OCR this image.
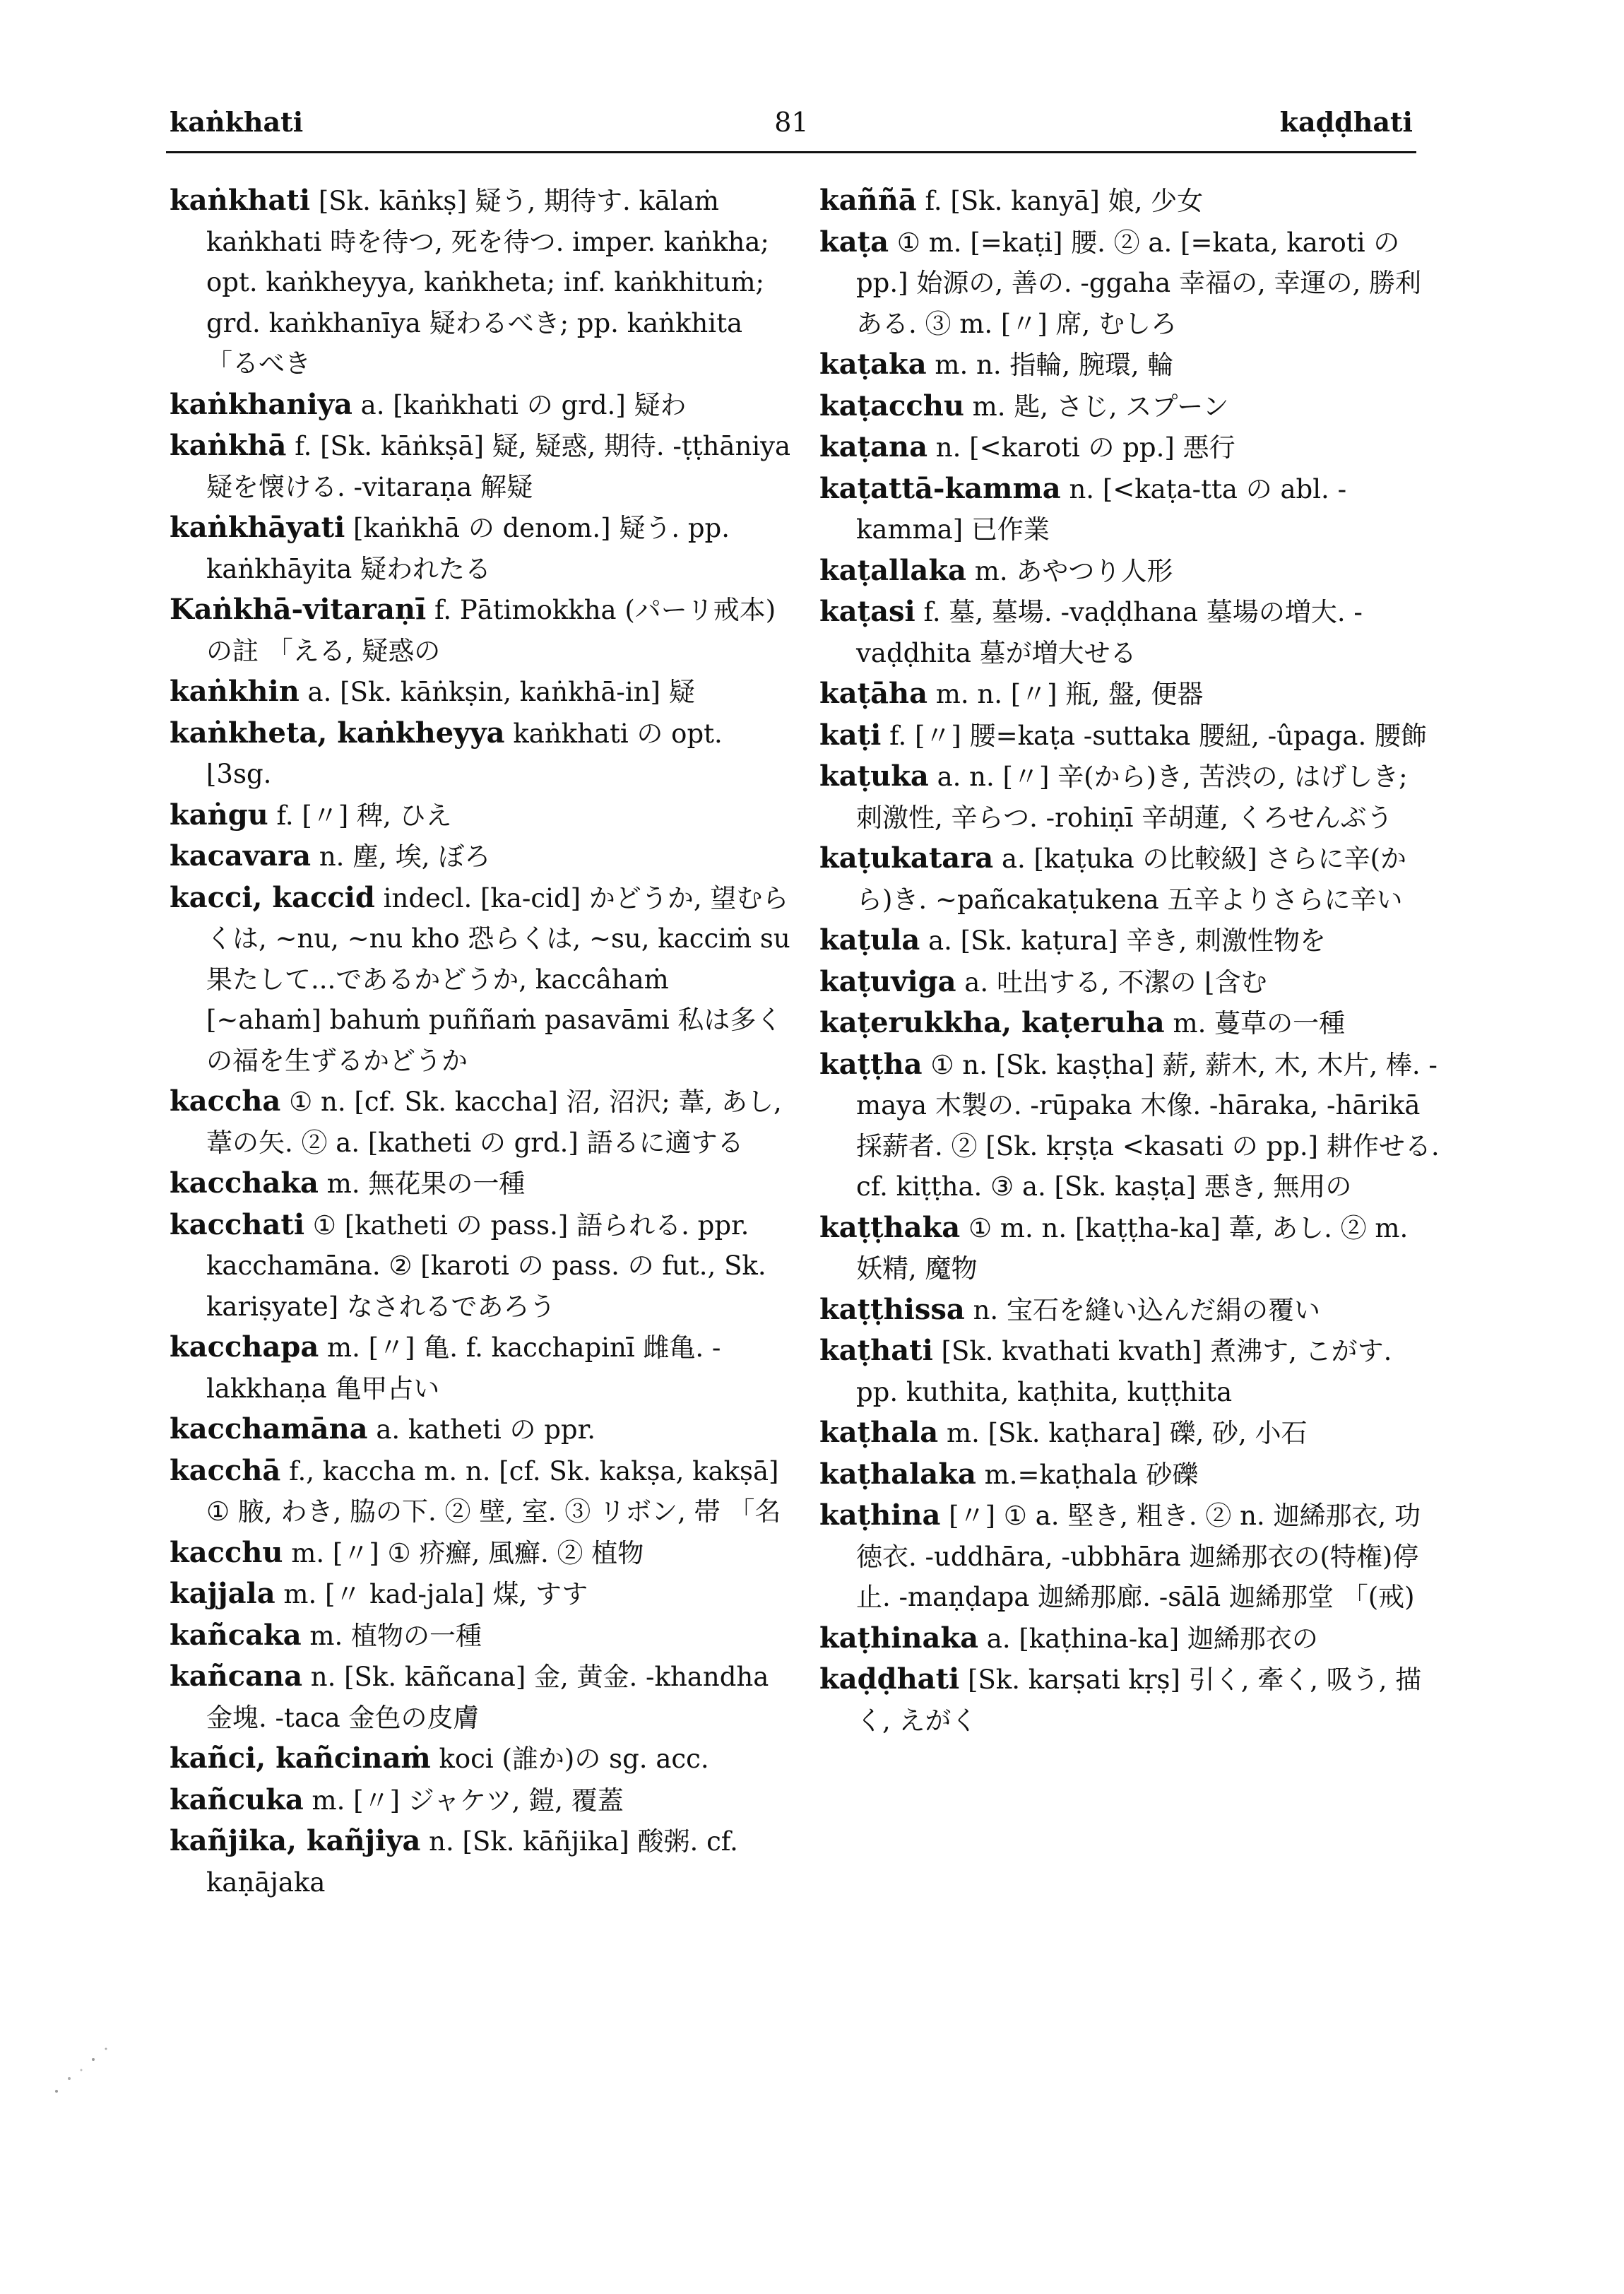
kaṅkhati	81	kaḍḍhati

kaṅkhati [Sk. kāṅkṣ] 疑う, 期待す. kālaṁ kaṅkhati 時を待つ, 死を待つ. imper. kaṅkha; opt. kaṅkheyya, kaṅkheta; inf. kaṅkhituṁ; grd. kaṅkhanīya 疑わるべき; pp. kaṅkhita 「るべき

kaṅkhaniya a. [kaṅkhati の grd.] 疑わ

kaṅkhā f. [Sk. kāṅkṣā] 疑, 疑惑, 期待. -ṭṭhāniya 疑を懐ける. -vitaraṇa 解疑

kaṅkhāyati [kaṅkhā の denom.] 疑う. pp. kaṅkhāyita 疑われたる

Kaṅkhā-vitaraṇī f. Pātimokkha (パーリ戒本)の註 「える, 疑惑の

kaṅkhin a. [Sk. kāṅkṣin, kaṅkhā-in] 疑

kaṅkheta, kaṅkheyya kaṅkhati の opt. ⌊3sg.

kaṅgu f. [〃] 稗, ひえ

kacavara n. 塵, 埃, ぼろ

kacci, kaccid indecl. [ka-cid] かどうか, 望むらくは, ~nu, ~nu kho 恐らくは, ~su, kacciṁ su 果たして...であるかどうか, kaccâhaṁ [~ahaṁ] bahuṁ puññaṁ pasavāmi 私は多くの福を生ずるかどうか

kaccha ① n. [cf. Sk. kaccha] 沼, 沼沢; 葦, あし, 葦の矢. ② a. [katheti の grd.] 語るに適する

kacchaka m. 無花果の一種

kacchati ① [katheti の pass.] 語られる. ppr. kacchamāna. ② [karoti の pass. の fut., Sk. kariṣyate] なされるであろう

kacchapa m. [〃] 亀. f. kacchapinī 雌亀. -lakkhaṇa 亀甲占い

kacchamāna a. katheti の ppr.

kacchā f., kaccha m. n. [cf. Sk. kakṣa, kakṣā] ① 腋, わき, 脇の下. ② 壁, 室. ③ リボン, 帯 「名

kacchu m. [〃] ① 疥癬, 風癬. ② 植物

kajjala m. [〃 kad-jala] 煤, すす

kañcaka m. 植物の一種

kañcana n. [Sk. kāñcana] 金, 黄金. -khandha 金塊. -taca 金色の皮膚

kañci, kañcinaṁ koci (誰か)の sg. acc.

kañcuka m. [〃] ジャケツ, 鎧, 覆蓋

kañjika, kañjiya n. [Sk. kāñjika] 酸粥. cf. kaṇājaka

kaññā f. [Sk. kanyā] 娘, 少女

kaṭa ① m. [=kaṭi] 腰. ② a. [=kata, karoti の pp.] 始源の, 善の. -ggaha 幸福の, 幸運の, 勝利ある. ③ m. [〃] 席, むしろ

kaṭaka m. n. 指輪, 腕環, 輪

kaṭacchu m. 匙, さじ, スプーン

kaṭana n. [<karoti の pp.] 悪行

kaṭattā-kamma n. [<kaṭa-tta の abl. -kamma] 已作業

kaṭallaka m. あやつり人形

kaṭasi f. 墓, 墓場. -vaḍḍhana 墓場の増大. -vaḍḍhita 墓が増大せる

kaṭāha m. n. [〃] 瓶, 盤, 便器

kaṭi f. [〃] 腰=kaṭa -suttaka 腰紐, -ûpaga. 腰飾

kaṭuka a. n. [〃] 辛(から)き, 苦渋の, はげしき; 刺激性, 辛らつ. -rohiṇī 辛胡蓮, くろせんぶう

kaṭukatara a. [kaṭuka の比較級] さらに辛(から)き. ~pañcakaṭukena 五辛よりさらに辛い

kaṭula a. [Sk. kaṭura] 辛き, 刺激性物を

kaṭuviga a. 吐出する, 不潔の ⌊含む

kaṭerukkha, kaṭeruha m. 蔓草の一種

kaṭṭha ① n. [Sk. kaṣṭha] 薪, 薪木, 木, 木片, 棒. -maya 木製の. -rūpaka 木像. -hāraka, -hārikā 採薪者. ② [Sk. kṛṣṭa <kasati の pp.] 耕作せる. cf. kiṭṭha. ③ a. [Sk. kaṣṭa] 悪き, 無用の

kaṭṭhaka ① m. n. [kaṭṭha-ka] 葦, あし. ② m. 妖精, 魔物

kaṭṭhissa n. 宝石を縫い込んだ絹の覆い

kaṭhati [Sk. kvathati kvath] 煮沸す, こがす. pp. kuthita, kaṭhita, kuṭṭhita

kaṭhala m. [Sk. kaṭhara] 礫, 砂, 小石

kaṭhalaka m.=kaṭhala 砂礫

kaṭhina [〃] ① a. 堅き, 粗き. ② n. 迦絺那衣, 功徳衣. -uddhāra, -ubbhāra 迦絺那衣の(特権)停止. -maṇḍapa 迦絺那廊. -sālā 迦絺那堂 「(戒)

kaṭhinaka a. [kaṭhina-ka] 迦絺那衣の

kaḍḍhati [Sk. karṣati kṛṣ] 引く, 牽く, 吸う, 描く, えがく
